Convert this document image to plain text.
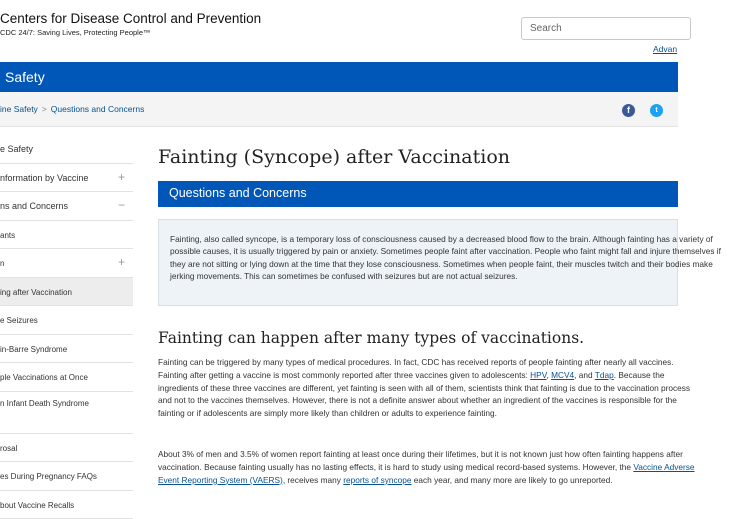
Centers for Disease Control and Prevention
CDC 24/7: Saving Lives, Protecting People™
Search
Advan
Safety
ine Safety > Questions and Concerns	f	t
e Safety
nformation by Vaccine +
ns and Concerns	−
ants
n	+
ing after Vaccination
e Seizures
in-Barre Syndrome
ple Vaccinations at Once
n Infant Death Syndrome
rosal
es During Pregnancy FAQs
bout Vaccine Recalls
Fainting (Syncope) after Vaccination
Questions and Concerns

Fainting, also called syncope, is a temporary loss of consciousness caused by a decreased blood flow to the brain. Although fainting has a variety of possible causes, it is usually triggered by pain or anxiety. Sometimes people faint after vaccination. People who faint might fall and injure themselves if they are not sitting or lying down at the time that they lose consciousness. Sometimes when people faint, their muscles twitch and their bodies make jerking movements. This can sometimes be confused with seizures but are not actual seizures.

Fainting can happen after many types of vaccinations.

Fainting can be triggered by many types of medical procedures. In fact, CDC has received reports of people fainting after nearly all vaccines. Fainting after getting a vaccine is most commonly reported after three vaccines given to adolescents: HPV, MCV4, and Tdap. Because the ingredients of these three vaccines are different, yet fainting is seen with all of them, scientists think that fainting is due to the vaccination process and not to the vaccines themselves. However, there is not a definite answer about whether an ingredient of the vaccines is responsible for the fainting or if adolescents are simply more likely than children or adults to experience fainting.

About 3% of men and 3.5% of women report fainting at least once during their lifetimes, but it is not known just how often fainting happens after vaccination. Because fainting usually has no lasting effects, it is hard to study using medical record-based systems. However, the Vaccine Adverse Event Reporting System (VAERS), receives many reports of syncope each year, and many more are likely to go unreported.
